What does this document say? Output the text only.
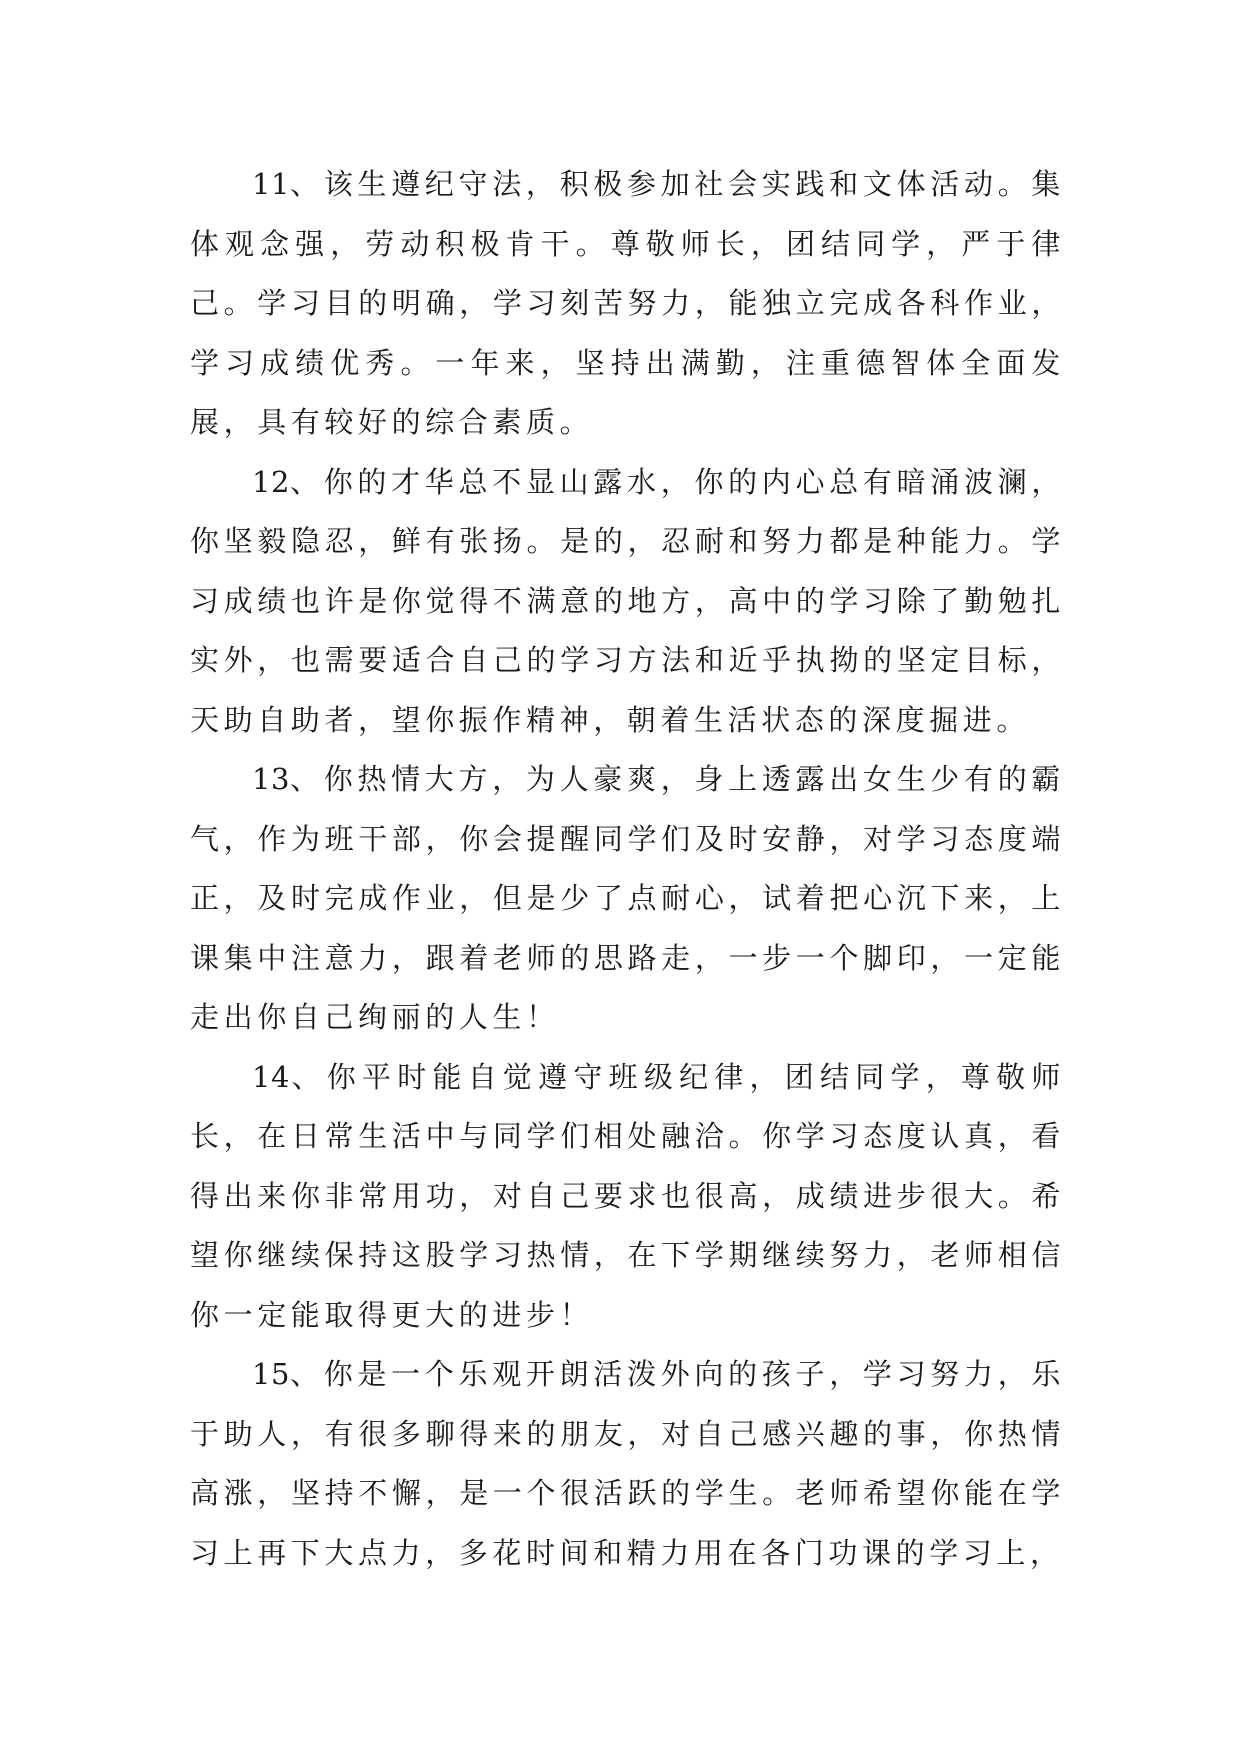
11、该生遵纪守法，积极参加社会实践和文体活动。集体观念强，劳动积极肯干。尊敬师长，团结同学，严于律己。学习目的明确，学习刻苦努力，能独立完成各科作业，学习成绩优秀。一年来，坚持出满勤，注重德智体全面发展，具有较好的综合素质。

12、你的才华总不显山露水，你的内心总有暗涌波澜，你坚毅隐忍，鲜有张扬。是的，忍耐和努力都是种能力。学习成绩也许是你觉得不满意的地方，高中的学习除了勤勉扎实外，也需要适合自己的学习方法和近乎执拗的坚定目标，天助自助者，望你振作精神，朝着生活状态的深度掘进。

13、你热情大方，为人豪爽，身上透露出女生少有的霸气，作为班干部，你会提醒同学们及时安静，对学习态度端正，及时完成作业，但是少了点耐心，试着把心沉下来，上课集中注意力，跟着老师的思路走，一步一个脚印，一定能走出你自己绚丽的人生！

14、你平时能自觉遵守班级纪律，团结同学，尊敬师长，在日常生活中与同学们相处融洽。你学习态度认真，看得出来你非常用功，对自己要求也很高，成绩进步很大。希望你继续保持这股学习热情，在下学期继续努力，老师相信你一定能取得更大的进步！

15、你是一个乐观开朗活泼外向的孩子，学习努力，乐于助人，有很多聊得来的朋友，对自己感兴趣的事，你热情高涨，坚持不懈，是一个很活跃的学生。老师希望你能在学习上再下大点力，多花时间和精力用在各门功课的学习上，
